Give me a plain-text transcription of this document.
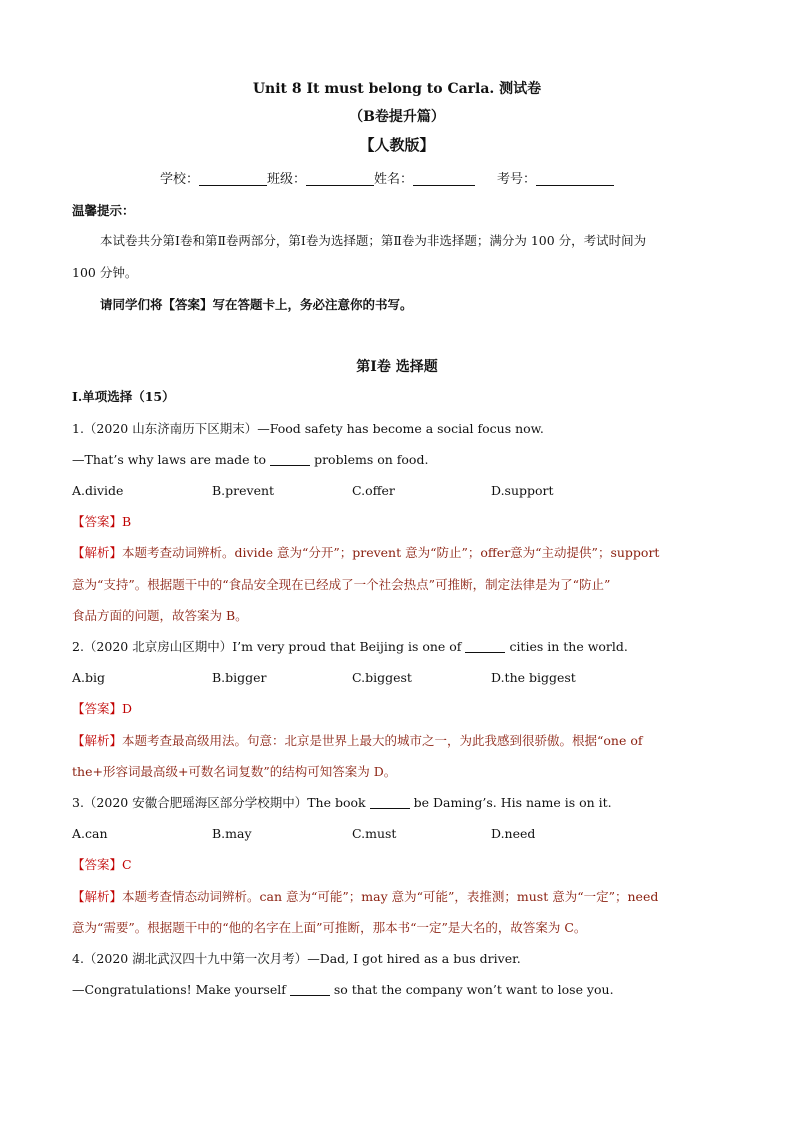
Unit 8 It must belong to Carla. 测试卷
（B卷提升篇）
【人教版】
学校：	班级：	姓名：	考号：
温馨提示：
本试卷共分第Ⅰ卷和第Ⅱ卷两部分，第Ⅰ卷为选择题；第Ⅱ卷为非选择题；满分为 100 分，考试时间为
100 分钟。
请同学们将【答案】写在答题卡上，务必注意你的书写。
第Ⅰ卷 选择题
Ⅰ.单项选择（15）
1.（2020 山东济南历下区期末）—Food safety has become a social focus now.
—That’s why laws are made to	problems on food.
A.divide	B.prevent	C.offer	D.support
【答案】B
【解析】本题考查动词辨析。divide 意为“分开”；prevent 意为“防止”；offer意为“主动提供”；support
意为“支持”。根据题干中的“食品安全现在已经成了一个社会热点”可推断，制定法律是为了“防止”
食品方面的问题，故答案为 B。
2.（2020 北京房山区期中）I’m very proud that Beijing is one of	cities in the world.
A.big	B.bigger	C.biggest	D.the biggest
【答案】D
【解析】本题考查最高级用法。句意：北京是世界上最大的城市之一，为此我感到很骄傲。根据“one of
the+形容词最高级+可数名词复数”的结构可知答案为 D。
3.（2020 安徽合肥瑶海区部分学校期中）The book	be Daming’s. His name is on it.
A.can	B.may	C.must	D.need
【答案】C
【解析】本题考查情态动词辨析。can 意为“可能”；may 意为“可能”，表推测；must 意为“一定”；need
意为“需要”。根据题干中的“他的名字在上面”可推断，那本书“一定”是大名的，故答案为 C。
4.（2020 湖北武汉四十九中第一次月考）—Dad, I got hired as a bus driver.
—Congratulations! Make yourself	so that the company won’t want to lose you.
